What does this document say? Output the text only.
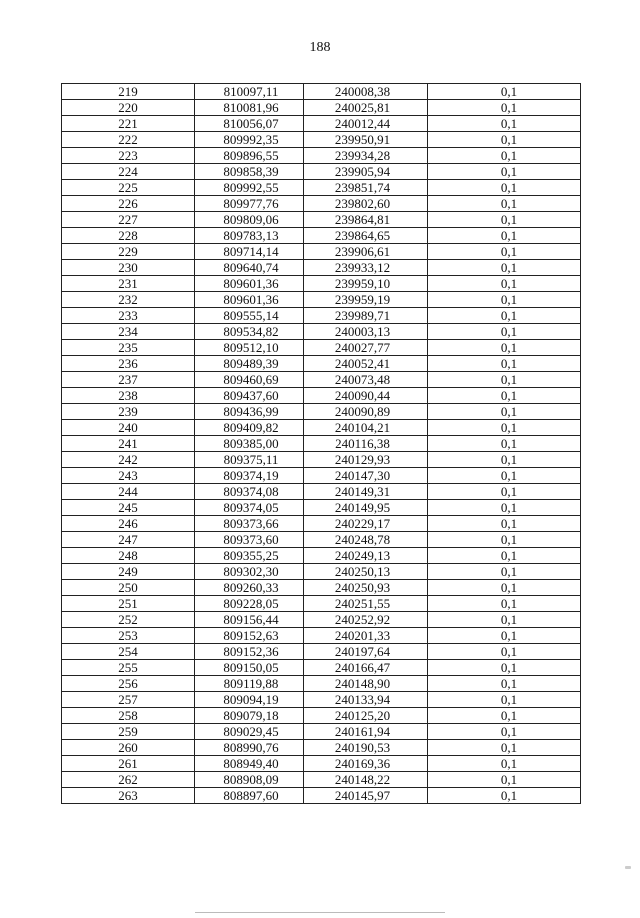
188
219	810097,11	240008,38	0,1
220	810081,96	240025,81	0,1
221	810056,07	240012,44	0,1
222	809992,35	239950,91	0,1
223	809896,55	239934,28	0,1
224	809858,39	239905,94	0,1
225	809992,55	239851,74	0,1
226	809977,76	239802,60	0,1
227	809809,06	239864,81	0,1
228	809783,13	239864,65	0,1
229	809714,14	239906,61	0,1
230	809640,74	239933,12	0,1
231	809601,36	239959,10	0,1
232	809601,36	239959,19	0,1
233	809555,14	239989,71	0,1
234	809534,82	240003,13	0,1
235	809512,10	240027,77	0,1
236	809489,39	240052,41	0,1
237	809460,69	240073,48	0,1
238	809437,60	240090,44	0,1
239	809436,99	240090,89	0,1
240	809409,82	240104,21	0,1
241	809385,00	240116,38	0,1
242	809375,11	240129,93	0,1
243	809374,19	240147,30	0,1
244	809374,08	240149,31	0,1
245	809374,05	240149,95	0,1
246	809373,66	240229,17	0,1
247	809373,60	240248,78	0,1
248	809355,25	240249,13	0,1
249	809302,30	240250,13	0,1
250	809260,33	240250,93	0,1
251	809228,05	240251,55	0,1
252	809156,44	240252,92	0,1
253	809152,63	240201,33	0,1
254	809152,36	240197,64	0,1
255	809150,05	240166,47	0,1
256	809119,88	240148,90	0,1
257	809094,19	240133,94	0,1
258	809079,18	240125,20	0,1
259	809029,45	240161,94	0,1
260	808990,76	240190,53	0,1
261	808949,40	240169,36	0,1
262	808908,09	240148,22	0,1
263	808897,60	240145,97	0,1
